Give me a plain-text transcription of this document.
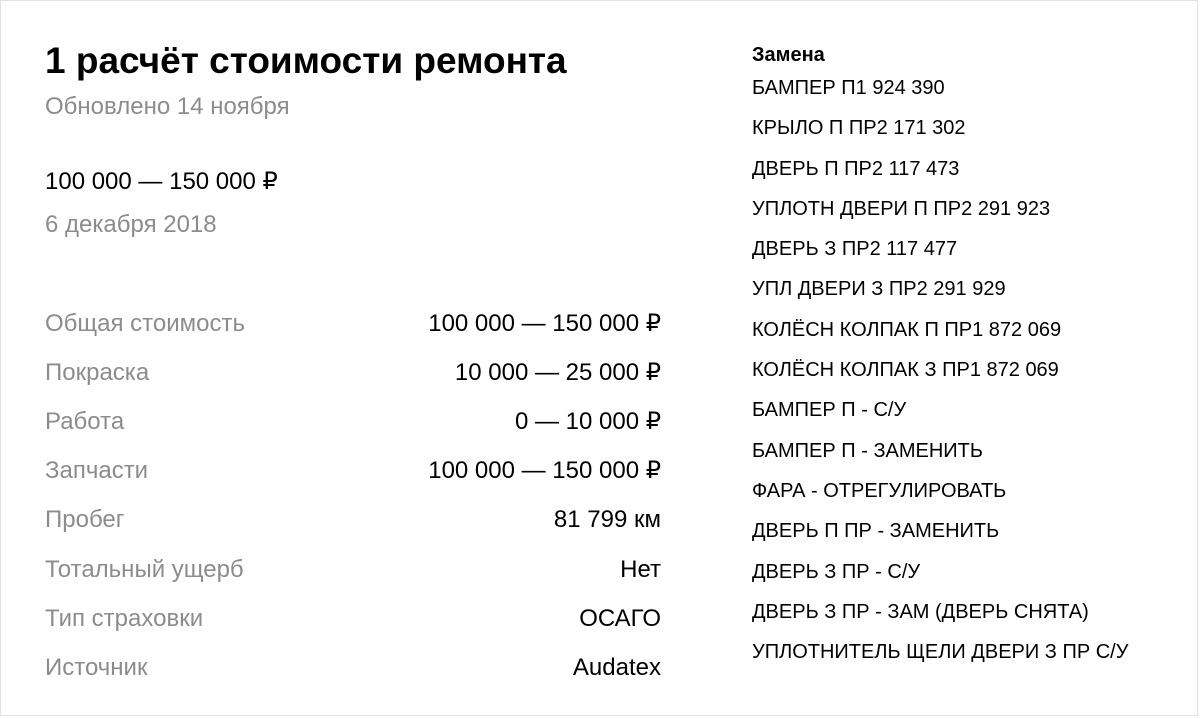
1 расчёт стоимости ремонта
Обновлено 14 ноября
100 000 — 150 000 ₽
6 декабря 2018
Общая стоимость	100 000 — 150 000 ₽
Покраска	10 000 — 25 000 ₽
Работа	0 — 10 000 ₽
Запчасти	100 000 — 150 000 ₽
Пробег	81 799 км
Тотальный ущерб	Нет
Тип страховки	ОСАГО
Источник	Audatex
Замена
БАМПЕР П1 924 390
КРЫЛО П ПР2 171 302
ДВЕРЬ П ПР2 117 473
УПЛОТН ДВЕРИ П ПР2 291 923
ДВЕРЬ З ПР2 117 477
УПЛ ДВЕРИ З ПР2 291 929
КОЛЁСН КОЛПАК П ПР1 872 069
КОЛЁСН КОЛПАК З ПР1 872 069
БАМПЕР П - С/У
БАМПЕР П - ЗАМЕНИТЬ
ФАРА - ОТРЕГУЛИРОВАТЬ
ДВЕРЬ П ПР - ЗАМЕНИТЬ
ДВЕРЬ З ПР - С/У
ДВЕРЬ З ПР - ЗАМ (ДВЕРЬ СНЯТА)
УПЛОТНИТЕЛЬ ЩЕЛИ ДВЕРИ З ПР С/У
